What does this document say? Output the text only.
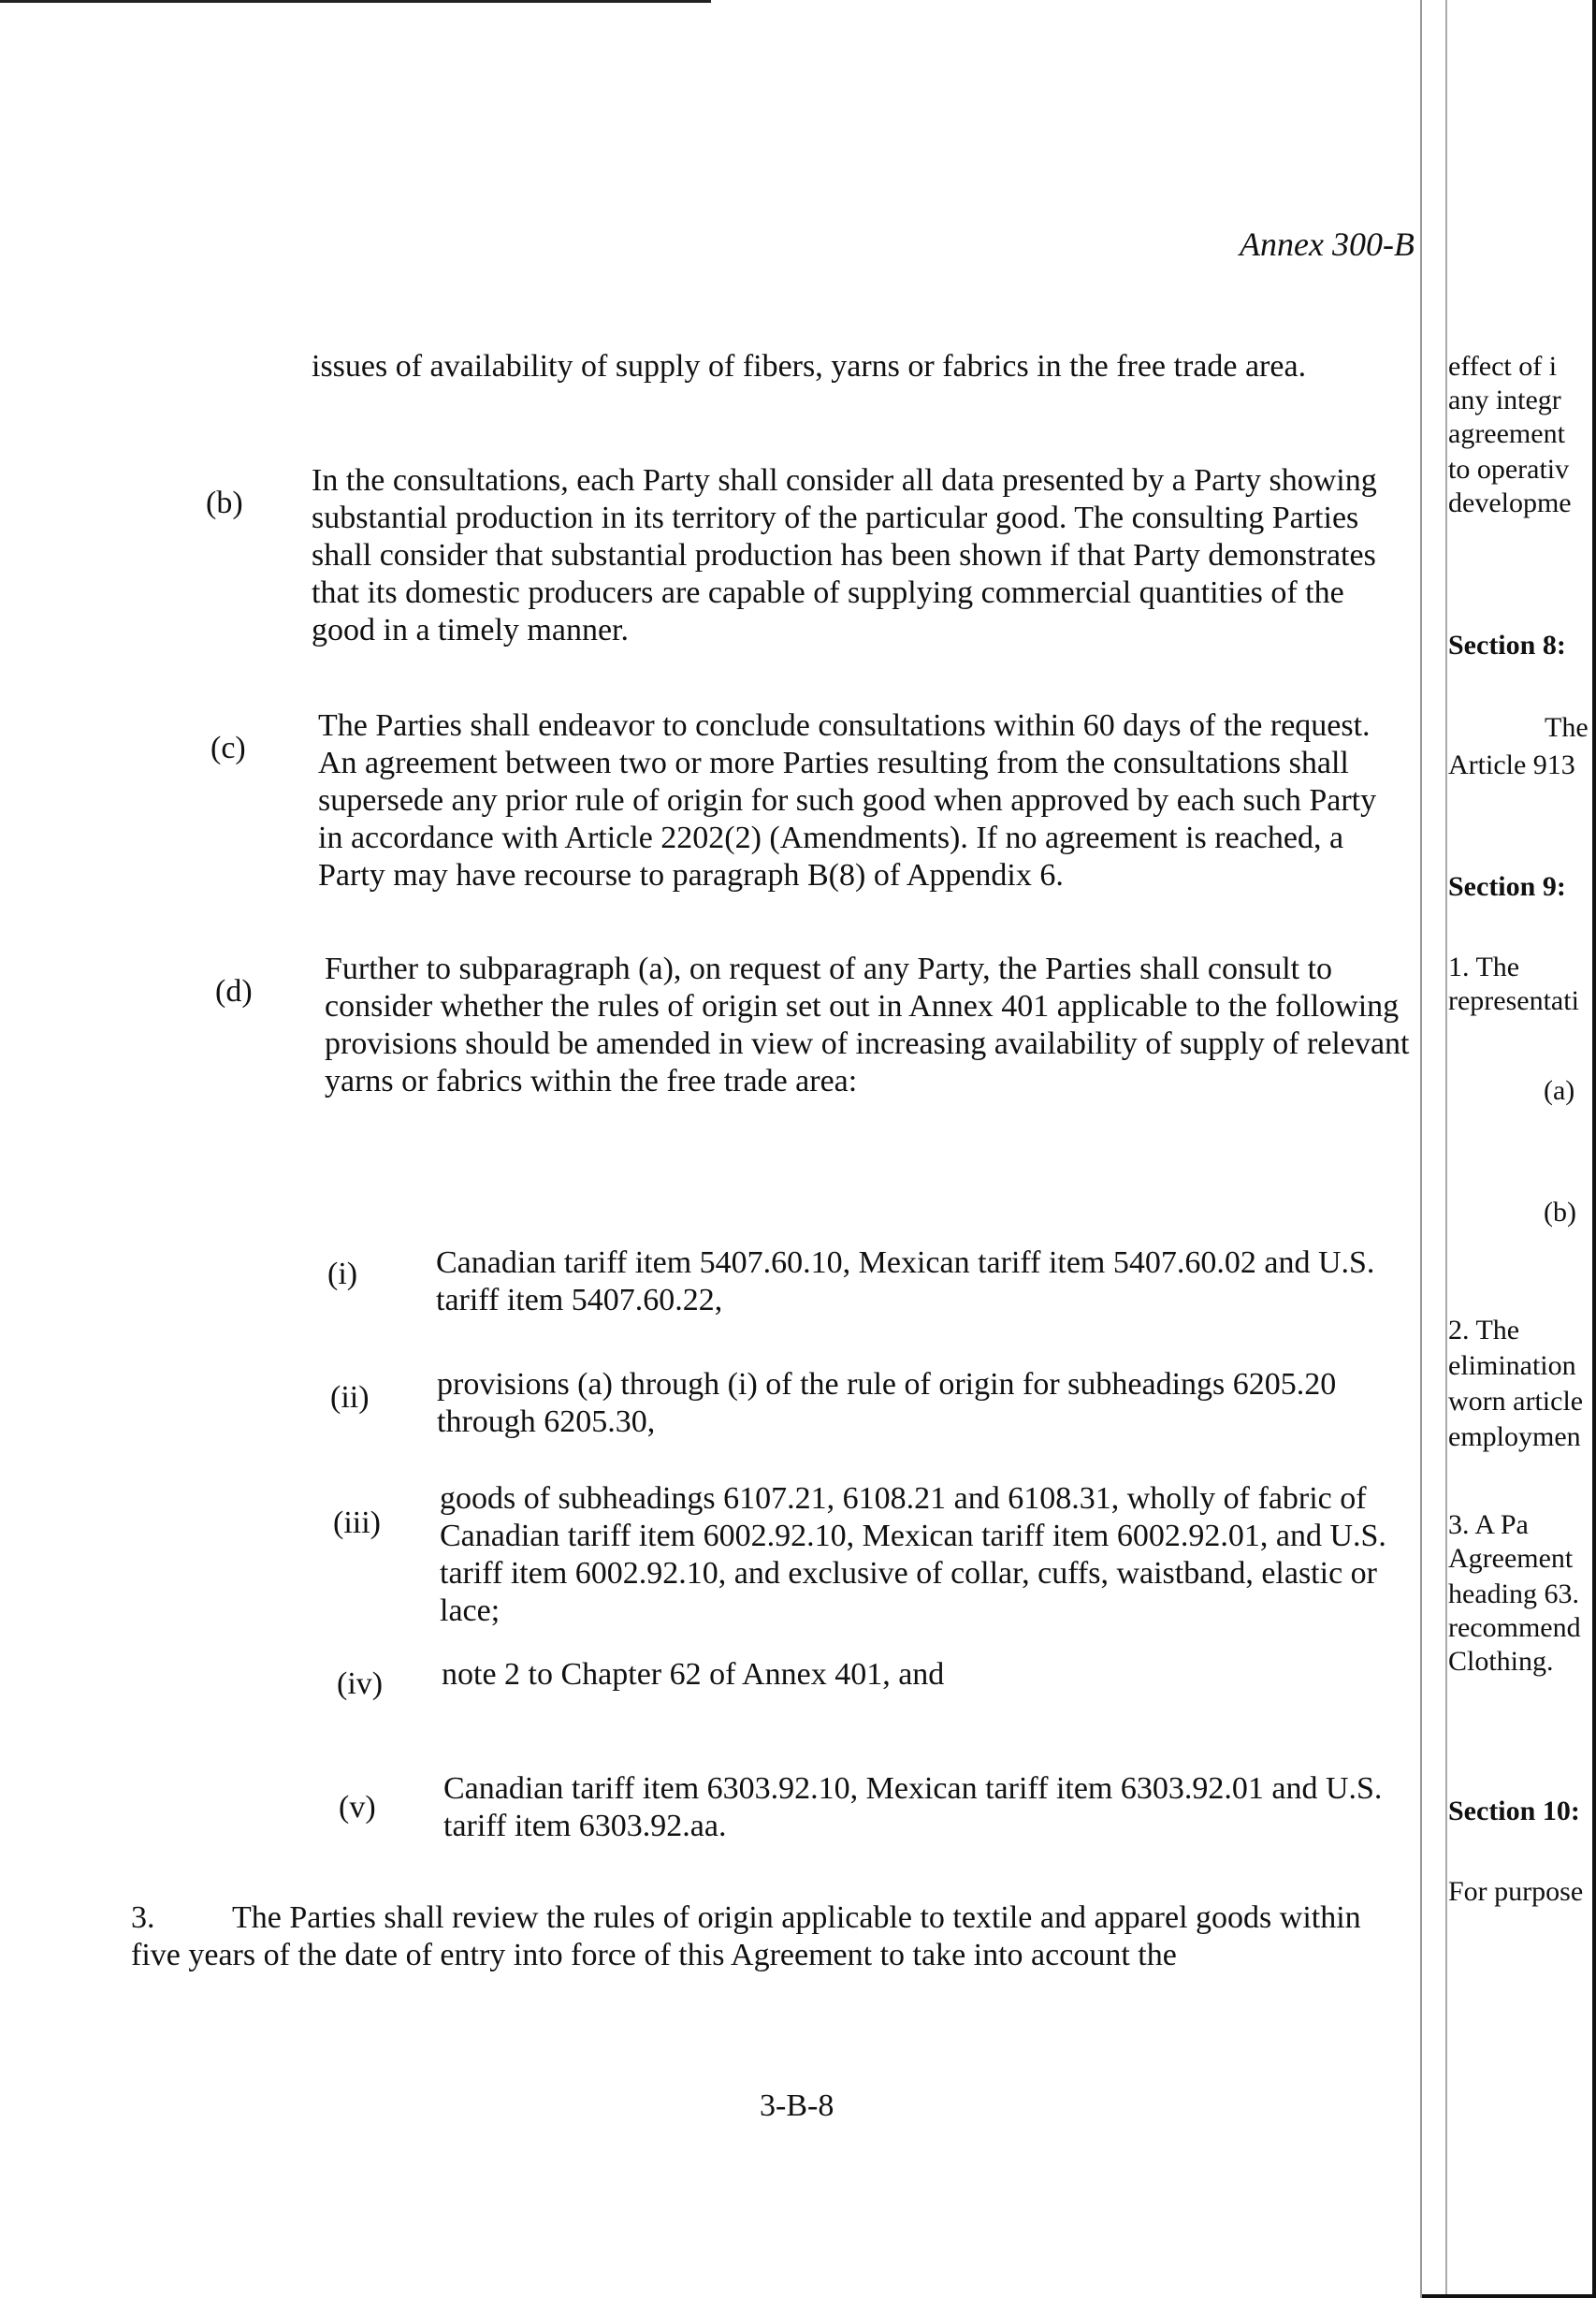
Annex 300-B

issues of availability of supply of fibers, yarns or fabrics in the free trade area.

(b)

In the consultations, each Party shall consider all data presented by a Party showing substantial production in its territory of the particular good. The consulting Parties shall consider that substantial production has been shown if that Party demonstrates that its domestic producers are capable of supplying commercial quantities of the good in a timely manner.

(c)

The Parties shall endeavor to conclude consultations within 60 days of the request. An agreement between two or more Parties resulting from the consultations shall supersede any prior rule of origin for such good when approved by each such Party in accordance with Article 2202(2) (Amendments). If no agreement is reached, a Party may have recourse to paragraph B(8) of Appendix 6.

(d)

Further to subparagraph (a), on request of any Party, the Parties shall consult to consider whether the rules of origin set out in Annex 401 applicable to the following provisions should be amended in view of increasing availability of supply of relevant yarns or fabrics within the free trade area:

(i) Canadian tariff item 5407.60.10, Mexican tariff item 5407.60.02 and U.S. tariff item 5407.60.22,

(ii) provisions (a) through (i) of the rule of origin for subheadings 6205.20 through 6205.30,

(iii)

goods of subheadings 6107.21, 6108.21 and 6108.31, wholly of fabric of Canadian tariff item 6002.92.10, Mexican tariff item 6002.92.01, and U.S. tariff item 6002.92.10, and exclusive of collar, cuffs, waistband, elastic or lace;

(iv) note 2 to Chapter 62 of Annex 401, and

(v)

Canadian tariff item 6303.92.10, Mexican tariff item 6303.92.01 and U.S. tariff item 6303.92.aa.

3.	The Parties shall review the rules of origin applicable to textile and apparel goods within five years of the date of entry into force of this Agreement to take into account the

3-B-8
effect of i
any integr
agreement
to operativ
developme
Section 8:
The
Article 913
Section 9:
1. The
representati
(a)
(b)
2. The
elimination
worn article
employmen
3. A Pa
Agreement
heading 63.
recommend
Clothing.
Section 10:
For purpose
